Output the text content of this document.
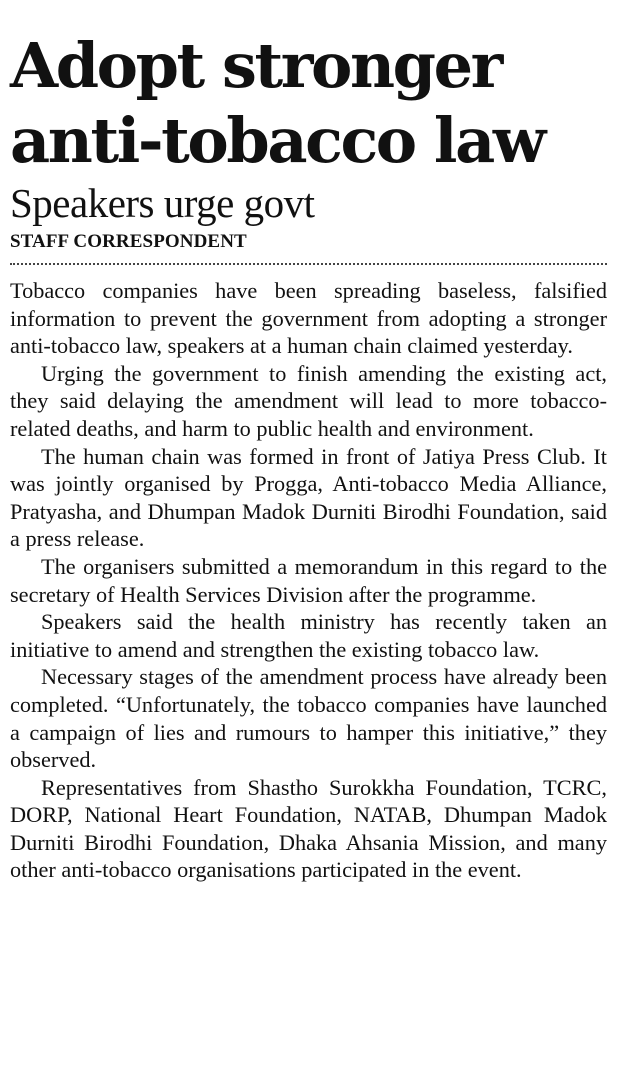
Adopt stronger
anti-tobacco law
Speakers urge govt
STAFF CORRESPONDENT

Tobacco companies have been spreading baseless, falsified information to prevent the government from adopting a stronger anti-tobacco law, speakers at a human chain claimed yesterday.

Urging the government to finish amending the existing act, they said delaying the amendment will lead to more tobacco-related deaths, and harm to public health and environment.

The human chain was formed in front of Jatiya Press Club. It was jointly organised by Progga, Anti-tobacco Media Alliance, Pratyasha, and Dhumpan Madok Durniti Birodhi Foundation, said a press release.

The organisers submitted a memorandum in this regard to the secretary of Health Services Division after the programme.

Speakers said the health ministry has recently taken an initiative to amend and strengthen the existing tobacco law.

Necessary stages of the amendment process have already been completed. “Unfortunately, the tobacco companies have launched a campaign of lies and rumours to hamper this initiative,” they observed.

Representatives from Shastho Surokkha Foundation, TCRC, DORP, National Heart Foundation, NATAB, Dhumpan Madok Durniti Birodhi Foundation, Dhaka Ahsania Mission, and many other anti-tobacco organisations participated in the event.
